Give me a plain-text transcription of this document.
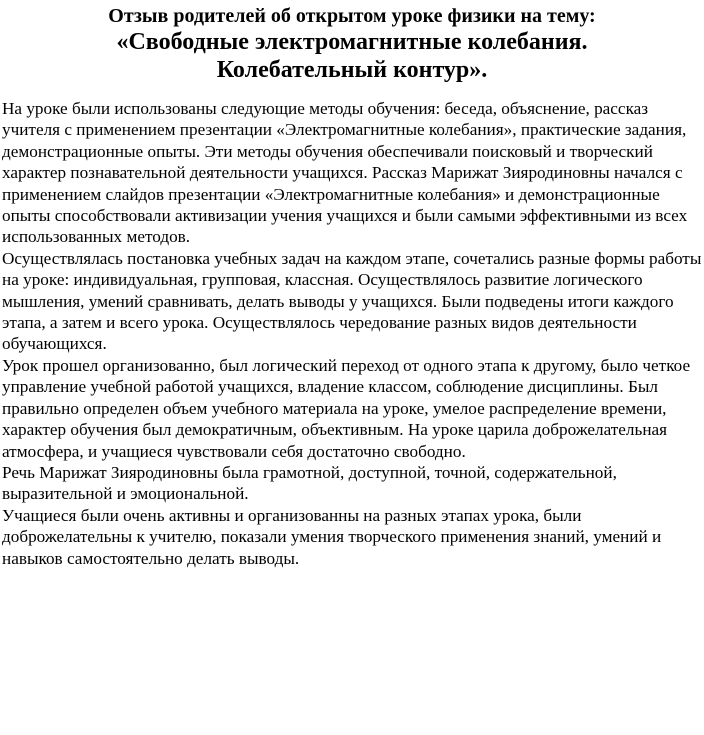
Отзыв родителей об открытом уроке физики на тему:
«Свободные электромагнитные колебания.
Колебательный контур».

На уроке были использованы следующие методы обучения: беседа, объяснение, рассказ учителя с применением презентации «Электромагнитные колебания», практические задания, демонстрационные опыты. Эти методы обучения обеспечивали поисковый и творческий характер познавательной деятельности учащихся. Рассказ Марижат Зияродиновны начался с применением слайдов презентации «Электромагнитные колебания» и демонстрационные опыты способствовали активизации учения учащихся и были самыми эффективными из всех использованных методов.

Осуществлялась постановка учебных задач на каждом этапе, сочетались разные формы работы на уроке: индивидуальная, групповая, классная. Осуществлялось развитие логического мышления, умений сравнивать, делать выводы у учащихся. Были подведены итоги каждого этапа, а затем и всего урока. Осуществлялось чередование разных видов деятельности обучающихся.

Урок прошел организованно, был логический переход от одного этапа к другому, было четкое управление учебной работой учащихся, владение классом, соблюдение дисциплины. Был правильно определен объем учебного материала на уроке, умелое распределение времени, характер обучения был демократичным, объективным. На уроке царила доброжелательная атмосфера, и учащиеся чувствовали себя достаточно свободно.

Речь Марижат Зияродиновны была грамотной, доступной, точной, содержательной, выразительной и эмоциональной.

Учащиеся были очень активны и организованны на разных этапах урока, были доброжелательны к учителю, показали умения творческого применения знаний, умений и навыков самостоятельно делать выводы.
